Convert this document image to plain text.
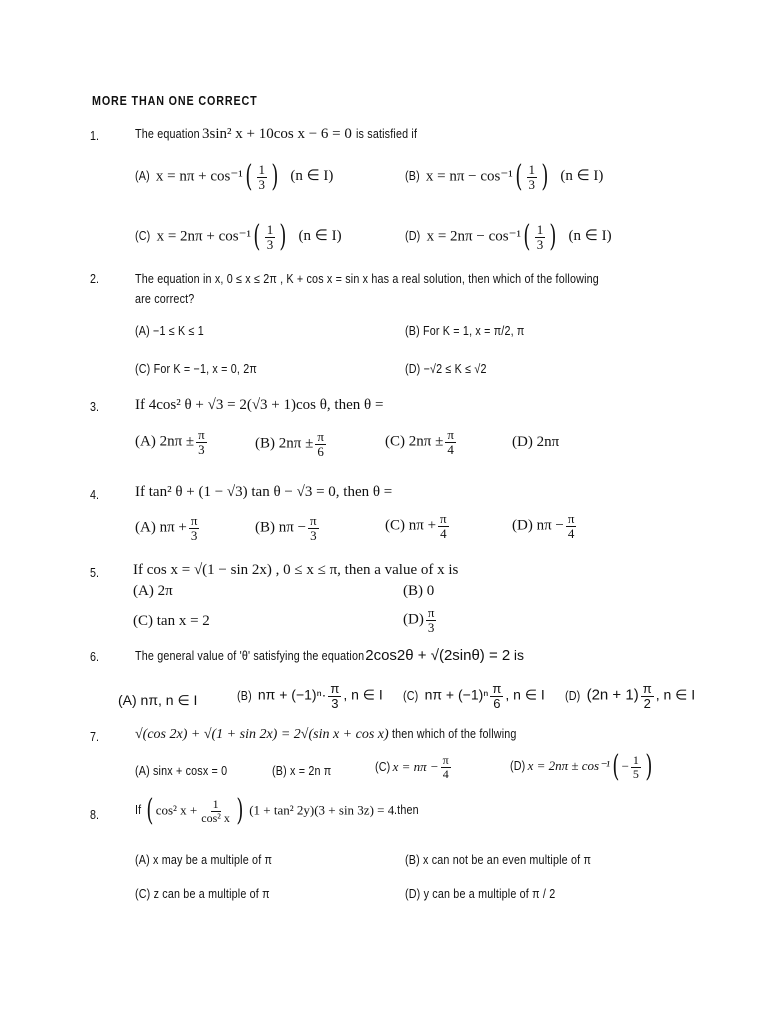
MORE THAN ONE CORRECT
1.	The equation 3sin² x + 10cos x − 6 = 0 is satisfied if
(A) $x = n\pi + \cos^{-1}( \frac{1}{3}$ ) (n ∈ I)	(B) $x = n\pi - \cos^{-1}( \frac{1}{3}$ ) (n ∈ I)
(C) $x = 2n\pi + \cos^{-1}( \frac{1}{3}$ ) (n ∈ I)	(D) $x = 2n\pi - \cos^{-1}( \frac{1}{3}$ ) (n ∈ I)
2.	The equation in x, 0 ≤ x ≤ 2π , K + cos x = sin x has a real solution, then which of the following
are correct?
(A) −1 ≤ K ≤ 1	(B) For K = 1, x = π/2, π
(C) For K = −1, x = 0, 2π	(D) −√2 ≤ K ≤ √2
3. If 4cos² θ + √3 = 2(√3 + 1)cos θ, then θ =
(A) $2n\pi \pm \frac{\pi}{3}$	(B) $2n\pi \pm \frac{\pi}{6}$	(C) $2n\pi \pm \frac{\pi}{4}$	(D) 2nπ
4. If tan² θ + (1 − √3) tan θ − √3 = 0, then θ =
(A) $n\pi + \frac{\pi}{3}$	(B) $n\pi - \frac{\pi}{3}$	(C) $n\pi + \frac{\pi}{4}$	(D) $n\pi - \frac{\pi}{4}$
5. If cos x = √(1 − sin 2x) , 0 ≤ x ≤ π, then a value of x is
(A) 2π	(B) 0
(C) tan x = 2	$(D) \frac{\pi}{3}$
6.	The general value of 'θ' satisfying the equation 2cos2θ + √(2sinθ) = 2 is
(A) nπ, n ∈ I	(B) $n\pi + (-1)^n\cdot \frac{\pi}{3}$ , n ∈ I (C) $n\pi + (-1)^n \frac{\pi}{6}$ , n ∈ I (D) $(2n + 1) \frac{\pi}{2}$ , n ∈ I
7.	√(cos 2x) + √(1 + sin 2x) = 2√(sin x + cos x) then which of the follwing
(A) sinx + cosx = 0	(B) x = 2n π	(C) $x = n\pi - \frac{\pi}{4}$	(D) $x = 2n\pi \pm \cos^{-1}( - \frac{1}{5}$ )
8.	If ( cos² $x + \frac{1}{\text{cos² x}}$ ) (1 + tan² 2y)(3 + sin 3z) = 4.then
(A) x may be a multiple of π	(B) x can not be an even multiple of π
(C) z can be a multiple of π	(D) y can be a multiple of π / 2
